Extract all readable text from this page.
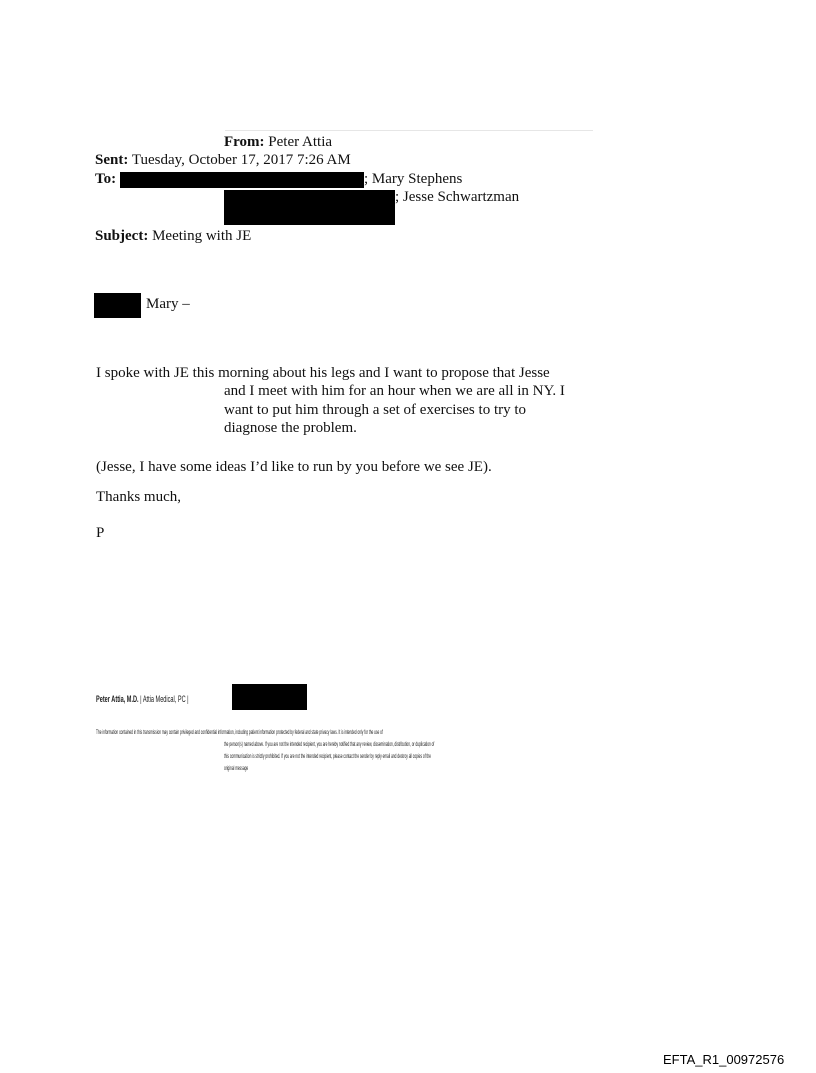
From: Peter Attia
Sent: Tuesday, October 17, 2017 7:26 AM
To:	; Mary Stephens
; Jesse Schwartzman
Subject: Meeting with JE
Mary –
I spoke with JE this morning about his legs and I want to propose that Jesse
and I meet with him for an hour when we are all in NY. I
want to put him through a set of exercises to try to
diagnose the problem.
(Jesse, I have some ideas I’d like to run by you before we see JE).
Thanks much,
P
Peter Attia, M.D. | Attia Medical, PC |
The information contained in this transmission may contain privileged and confidential information, including patient information protected by federal and state privacy laws. It is intended only for the use of
the person(s) named above. If you are not the intended recipient, you are hereby notified that any review, dissemination, distribution, or duplication of
this communication is strictly prohibited. If you are not the intended recipient, please contact the sender by reply email and destroy all copies of the
original message
EFTA_R1_00972576
